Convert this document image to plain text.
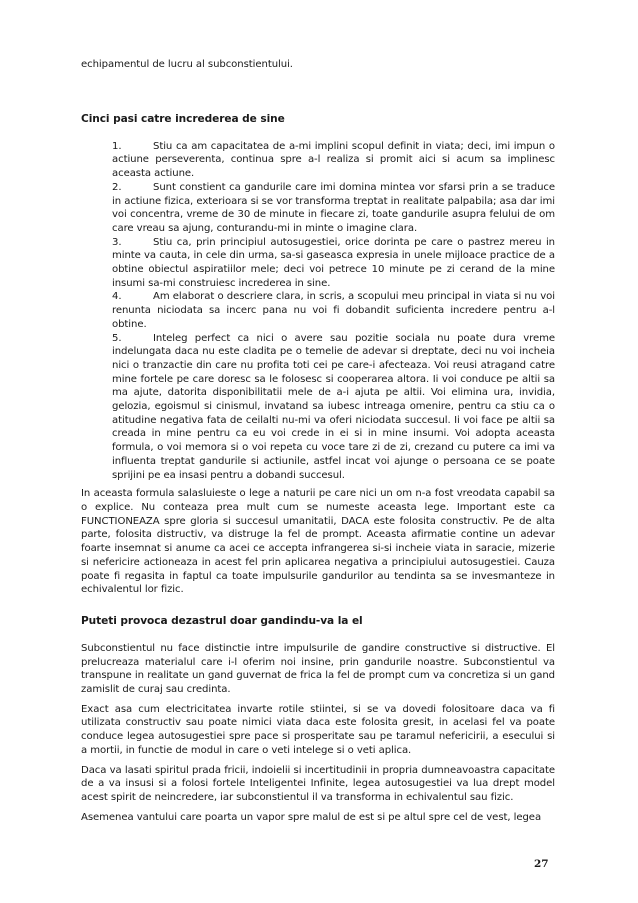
echipamentul de lucru al subconstientului.

Cinci pasi catre increderea de sine
1.	Stiu ca am capacitatea de a-mi implini scopul definit in viata; deci, imi impun o actiune perseverenta, continua spre a-l realiza si promit aici si acum sa implinesc aceasta actiune.
2.	Sunt constient ca gandurile care imi domina mintea vor sfarsi prin a se traduce in actiune fizica, exterioara si se vor transforma treptat in realitate palpabila; asa dar imi voi concentra, vreme de 30 de minute in fiecare zi, toate gandurile asupra felului de om care vreau sa ajung, conturandu-mi in minte o imagine clara.
3.	Stiu ca, prin principiul autosugestiei, orice dorinta pe care o pastrez mereu in minte va cauta, in cele din urma, sa-si gaseasca expresia in unele mijloace practice de a obtine obiectul aspiratiilor mele; deci voi petrece 10 minute pe zi cerand de la mine insumi sa-mi construiesc increderea in sine.
4.	Am elaborat o descriere clara, in scris, a scopului meu principal in viata si nu voi renunta niciodata sa incerc pana nu voi fi dobandit suficienta incredere pentru a-l obtine.
5.	Inteleg perfect ca nici o avere sau pozitie sociala nu poate dura vreme indelungata daca nu este cladita pe o temelie de adevar si dreptate, deci nu voi incheia nici o tranzactie din care nu profita toti cei pe care-i afecteaza. Voi reusi atragand catre mine fortele pe care doresc sa le folosesc si cooperarea altora. Ii voi conduce pe altii sa ma ajute, datorita disponibilitatii mele de a-i ajuta pe altii. Voi elimina ura, invidia, gelozia, egoismul si cinismul, invatand sa iubesc intreaga omenire, pentru ca stiu ca o atitudine negativa fata de ceilalti nu-mi va oferi niciodata succesul. Ii voi face pe altii sa creada in mine pentru ca eu voi crede in ei si in mine insumi. Voi adopta aceasta formula, o voi memora si o voi repeta cu voce tare zi de zi, crezand cu putere ca imi va influenta treptat gandurile si actiunile, astfel incat voi ajunge o persoana ce se poate sprijini pe ea insasi pentru a dobandi succesul.

In aceasta formula salasluieste o lege a naturii pe care nici un om n-a fost vreodata capabil sa o explice. Nu conteaza prea mult cum se numeste aceasta lege. Important este ca FUNCTIONEAZA spre gloria si succesul umanitatii, DACA este folosita constructiv. Pe de alta parte, folosita distructiv, va distruge la fel de prompt. Aceasta afirmatie contine un adevar foarte insemnat si anume ca acei ce accepta infrangerea si-si incheie viata in saracie, mizerie si nefericire actioneaza in acest fel prin aplicarea negativa a principiului autosugestiei. Cauza poate fi regasita in faptul ca toate impulsurile gandurilor au tendinta sa se invesmanteze in echivalentul lor fizic.

Puteti provoca dezastrul doar gandindu-va la el

Subconstientul nu face distinctie intre impulsurile de gandire constructive si distructive. El prelucreaza materialul care i-l oferim noi insine, prin gandurile noastre. Subconstientul va transpune in realitate un gand guvernat de frica la fel de prompt cum va concretiza si un gand zamislit de curaj sau credinta.

Exact asa cum electricitatea invarte rotile stiintei, si se va dovedi folositoare daca va fi utilizata constructiv sau poate nimici viata daca este folosita gresit, in acelasi fel va poate conduce legea autosugestiei spre pace si prosperitate sau pe taramul nefericirii, a esecului si a mortii, in functie de modul in care o veti intelege si o veti aplica.

Daca va lasati spiritul prada fricii, indoielii si incertitudinii in propria dumneavoastra capacitate de a va insusi si a folosi fortele Inteligentei Infinite, legea autosugestiei va lua drept model acest spirit de neincredere, iar subconstientul il va transforma in echivalentul sau fizic.

Asemenea vantului care poarta un vapor spre malul de est si pe altul spre cel de vest, legea

27
